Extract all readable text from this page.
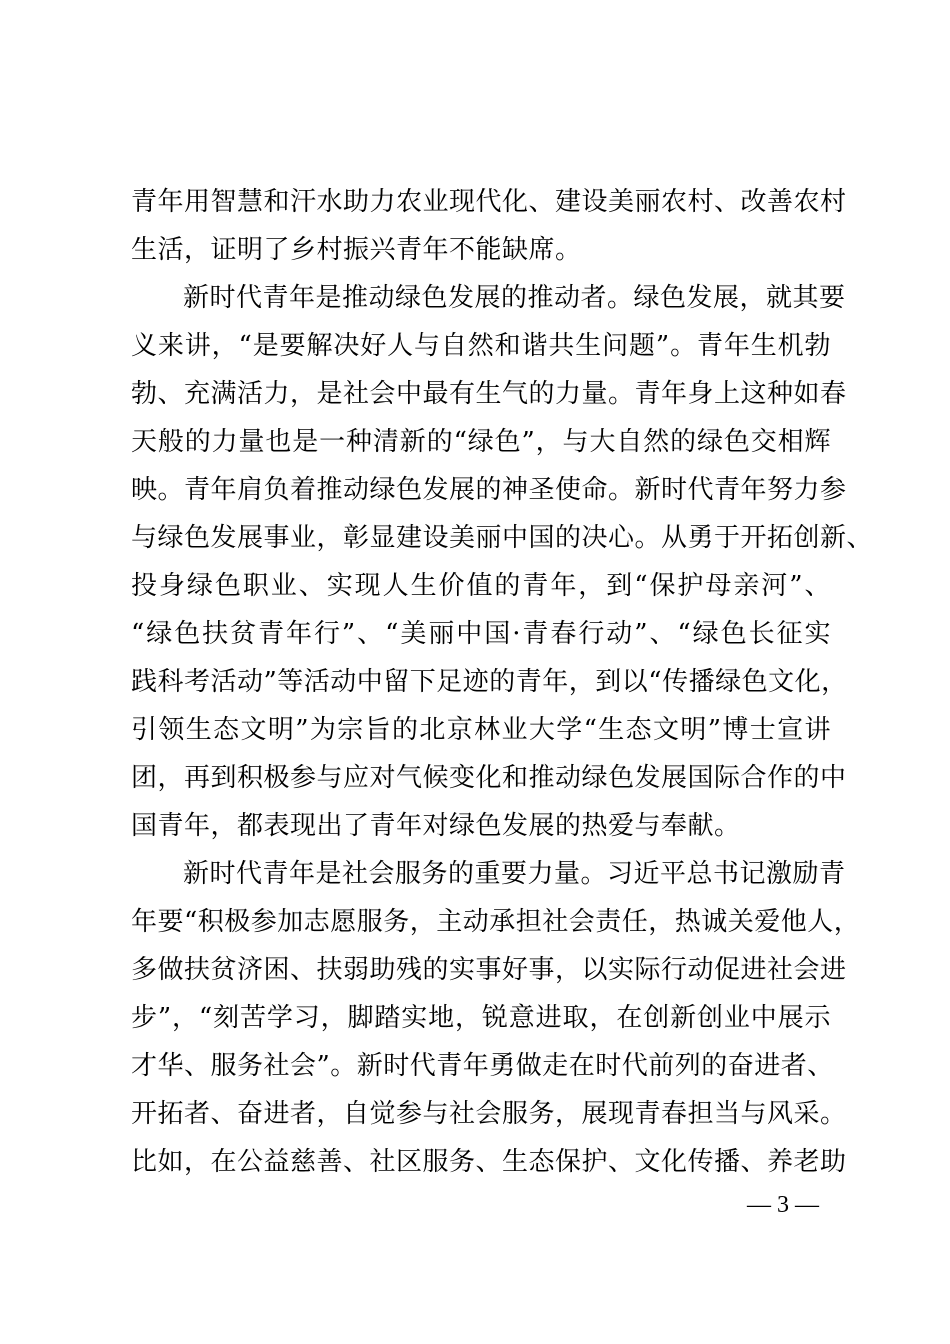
青年用智慧和汗水助力农业现代化、建设美丽农村、改善农村
生活，证明了乡村振兴青年不能缺席。
新时代青年是推动绿色发展的推动者。绿色发展，就其要
义来讲，“是要解决好人与自然和谐共生问题”。青年生机勃
勃、充满活力，是社会中最有生气的力量。青年身上这种如春
天般的力量也是一种清新的“绿色”，与大自然的绿色交相辉
映。青年肩负着推动绿色发展的神圣使命。新时代青年努力参
与绿色发展事业，彰显建设美丽中国的决心。从勇于开拓创新、
投身绿色职业、实现人生价值的青年，到“保护母亲河”、
“绿色扶贫青年行”、“美丽中国·青春行动”、“绿色长征实
践科考活动”等活动中留下足迹的青年，到以“传播绿色文化，
引领生态文明”为宗旨的北京林业大学“生态文明”博士宣讲
团，再到积极参与应对气候变化和推动绿色发展国际合作的中
国青年，都表现出了青年对绿色发展的热爱与奉献。
新时代青年是社会服务的重要力量。习近平总书记激励青
年要“积极参加志愿服务，主动承担社会责任，热诚关爱他人，
多做扶贫济困、扶弱助残的实事好事，以实际行动促进社会进
步”，“刻苦学习，脚踏实地，锐意进取，在创新创业中展示
才华、服务社会”。新时代青年勇做走在时代前列的奋进者、
开拓者、奋进者，自觉参与社会服务，展现青春担当与风采。
比如，在公益慈善、社区服务、生态保护、文化传播、养老助
— 3 —
